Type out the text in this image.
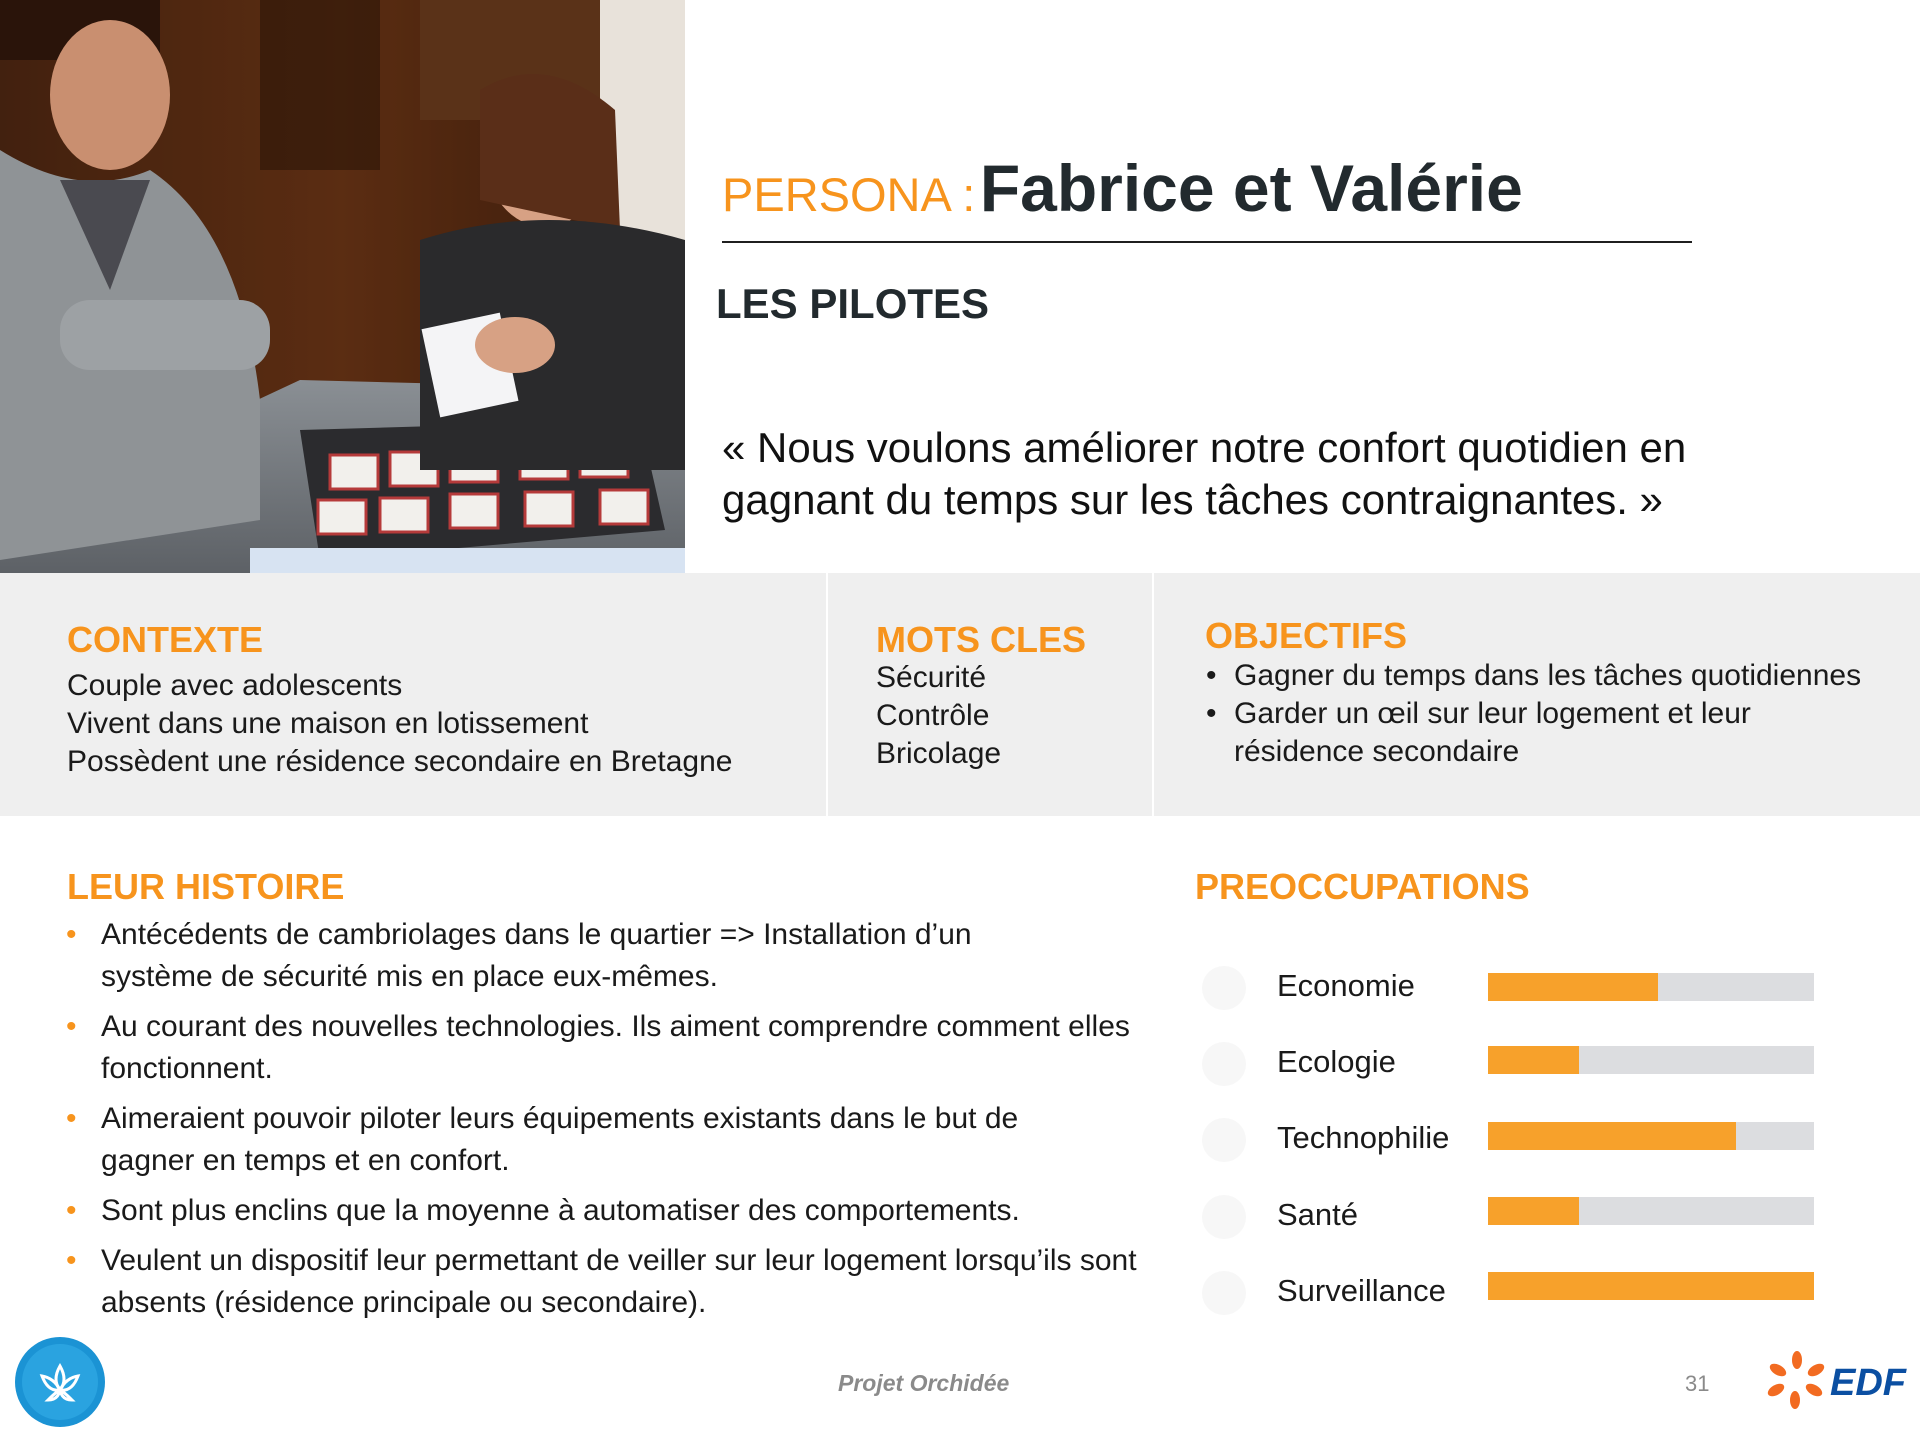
PERSONA : Fabrice et Valérie
LES PILOTES
« Nous voulons améliorer notre confort quotidien en
gagnant du temps sur les tâches contraignantes. »
CONTEXTE
Couple avec adolescents
Vivent dans une maison en lotissement
Possèdent une résidence secondaire en Bretagne
MOTS CLES
Sécurité
Contrôle
Bricolage
OBJECTIFS
• Gagner du temps dans les tâches quotidiennes
• Garder un œil sur leur logement et leur résidence secondaire
LEUR HISTOIRE
• Antécédents de cambriolages dans le quartier => Installation d’un système de sécurité mis en place eux-mêmes.
• Au courant des nouvelles technologies. Ils aiment comprendre comment elles fonctionnent.
• Aimeraient pouvoir piloter leurs équipements existants dans le but de gagner en temps et en confort.
• Sont plus enclins que la moyenne à automatiser des comportements.
• Veulent un dispositif leur permettant de veiller sur leur logement lorsqu’ils sont absents (résidence principale ou secondaire).
PREOCCUPATIONS
Economie
Ecologie
Technophilie
Santé
Surveillance
Projet Orchidée	31	EDF
